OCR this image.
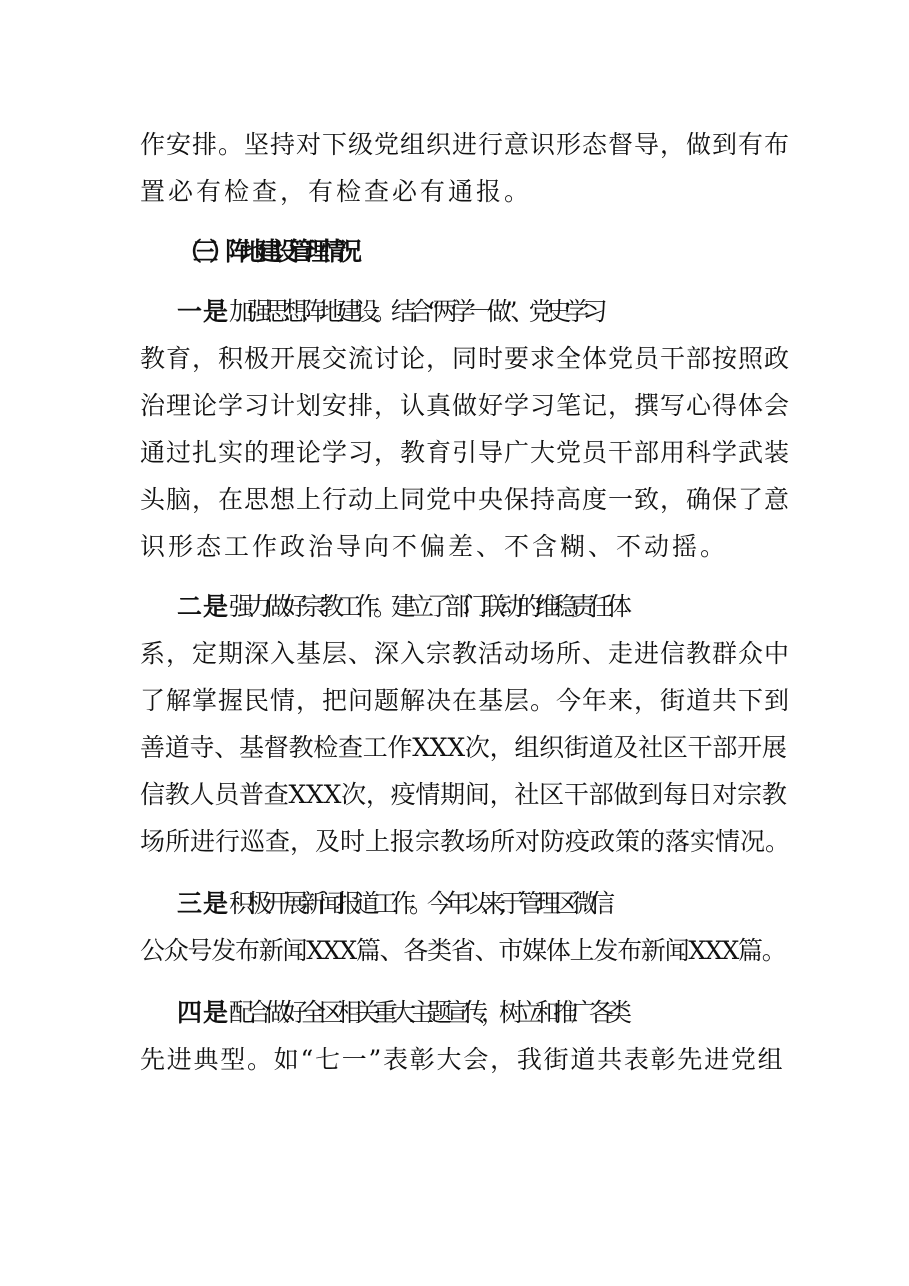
作安排。坚持对下级党组织进行意识形态督导，做到有布
置必有检查，有检查必有通报。
（三）阵地建设管理情况
一是加强思想阵地建设。结合“两学一做”、党史学习
教育，积极开展交流讨论，同时要求全体党员干部按照政
治理论学习计划安排，认真做好学习笔记，撰写心得体会
通过扎实的理论学习，教育引导广大党员干部用科学武装
头脑，在思想上行动上同党中央保持高度一致，确保了意
识形态工作政治导向不偏差、不含糊、不动摇。
二是强力做好宗教工作。建立了部门联动的维稳责任体
系，定期深入基层、深入宗教活动场所、走进信教群众中
了解掌握民情，把问题解决在基层。今年来，街道共下到
善道寺、基督教检查工作XXX次，组织街道及社区干部开展
信教人员普查XXX次，疫情期间，社区干部做到每日对宗教
场所进行巡查，及时上报宗教场所对防疫政策的落实情况。
三是积极开展新闻报道工作。今年以来,于管理区微信
公众号发布新闻XXX篇、各类省、市媒体上发布新闻XXX篇。
四是配合做好全区相关重大主题宣传，树立和推广各类
先进典型。如“七一”表彰大会，我街道共表彰先进党组
